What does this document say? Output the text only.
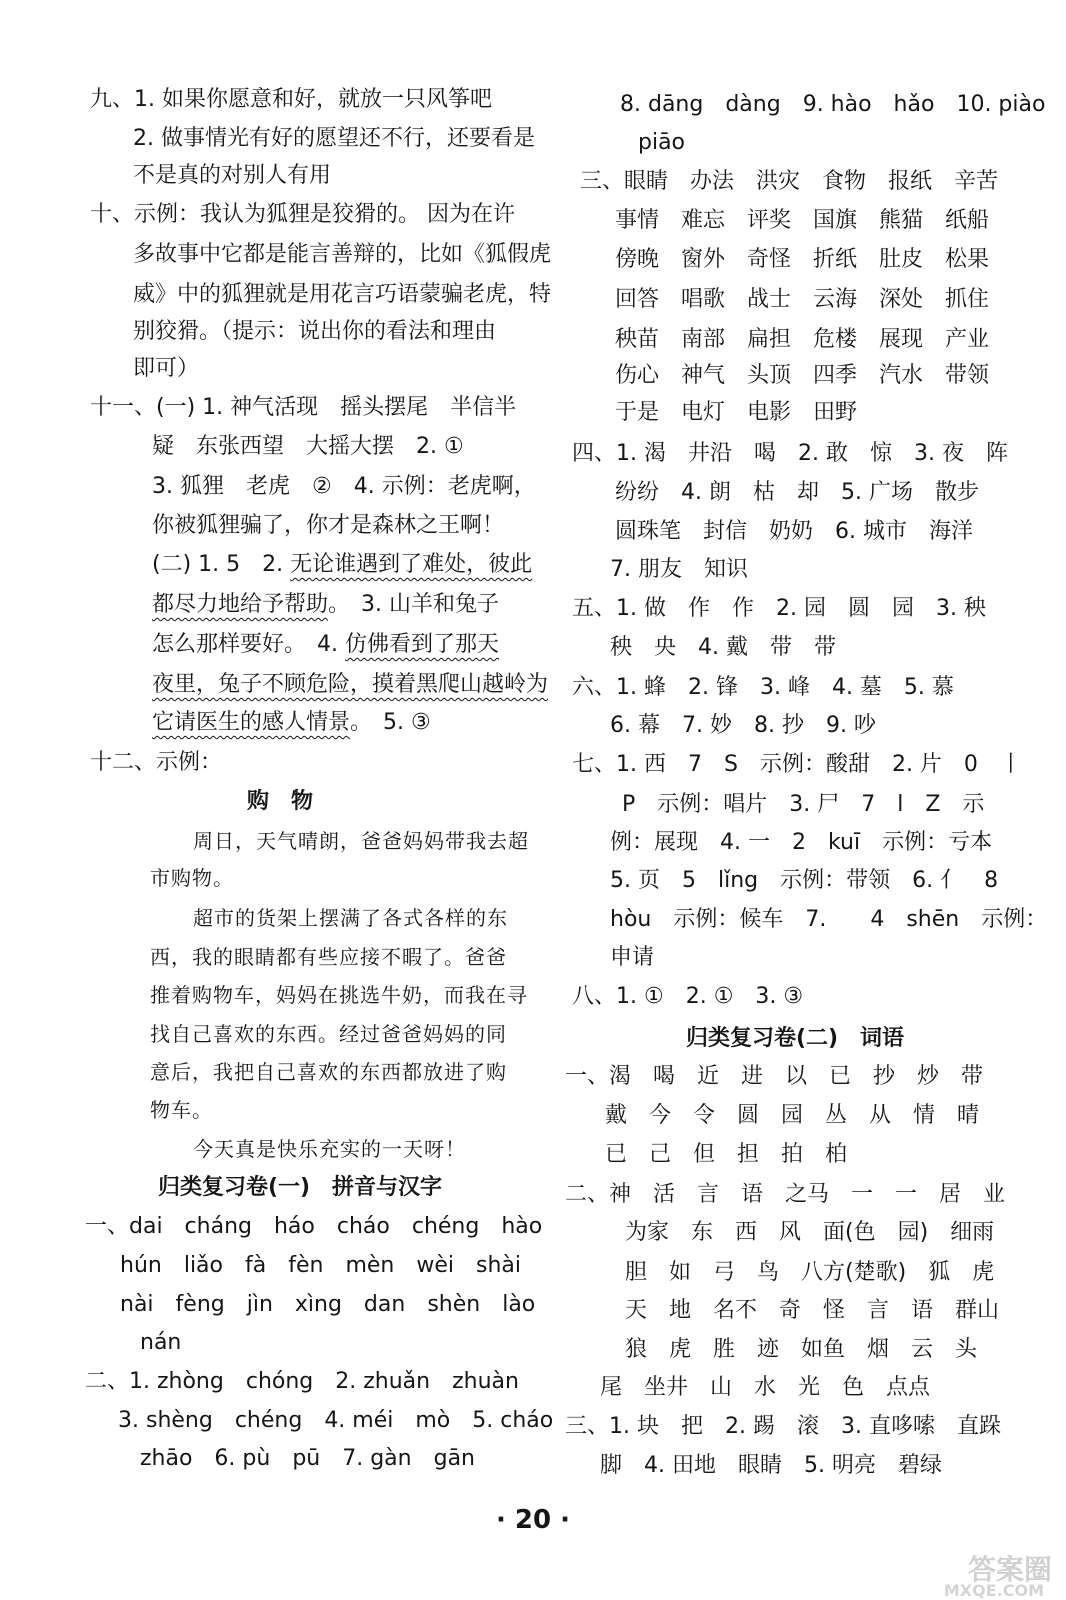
九、1. 如果你愿意和好，就放一只风筝吧
2. 做事情光有好的愿望还不行，还要看是
不是真的对别人有用
十、示例：我认为狐狸是狡猾的。 因为在许
多故事中它都是能言善辩的，比如《狐假虎
威》中的狐狸就是用花言巧语蒙骗老虎，特
别狡猾。（提示：说出你的看法和理由
即可）
十一、(一) 1. 神气活现　摇头摆尾　半信半
疑　东张西望　大摇大摆　2. ①
3. 狐狸　老虎　②　4. 示例：老虎啊，
你被狐狸骗了，你才是森林之王啊！
(二) 1. 5　2. 无论谁遇到了难处，彼此
都尽力地给予帮助。　3. 山羊和兔子
怎么那样要好。　4. 仿佛看到了那天
夜里，兔子不顾危险，摸着黑爬山越岭为
它请医生的感人情景。　5. ③
十二、示例：
购　物
周日，天气晴朗，爸爸妈妈带我去超
市购物。
超市的货架上摆满了各式各样的东
西，我的眼睛都有些应接不暇了。爸爸
推着购物车，妈妈在挑选牛奶，而我在寻
找自己喜欢的东西。经过爸爸妈妈的同
意后，我把自己喜欢的东西都放进了购
物车。
今天真是快乐充实的一天呀！
归类复习卷(一)　拼音与汉字
一、dai　cháng　háo　cháo　chéng　hào
hún　liǎo　fà　fèn　mèn　wèi　shài
nài　fèng　jìn　xìng　dan　shèn　lào
nán
二、1. zhòng　chóng　2. zhuǎn　zhuàn
3. shèng　chéng　4. méi　mò　5. cháo
zhāo　6. pù　pū　7. gàn　gān
8. dāng　dàng　9. hào　hǎo　10. piào
piāo
三、眼睛　办法　洪灾　食物　报纸　辛苦
事情　难忘　评奖　国旗　熊猫　纸船
傍晚　窗外　奇怪　折纸　肚皮　松果
回答　唱歌　战士　云海　深处　抓住
秧苗　南部　扁担　危楼　展现　产业
伤心　神气　头顶　四季　汽水　带领
于是　电灯　电影　田野
四、1. 渴　井沿　喝　2. 敢　惊　3. 夜　阵
纷纷　4. 朗　枯　却　5. 广场　散步
圆珠笔　封信　奶奶　6. 城市　海洋
7. 朋友　知识
五、1. 做　作　作　2. 园　圆　园　3. 秧
秧　央　4. 戴　带　带
六、1. 蜂　2. 锋　3. 峰　4. 墓　5. 慕
6. 幕　7. 妙　8. 抄　9. 吵
七、1. 西　7　S　示例：酸甜　2. 片　0　丨
P　示例：唱片　3. 尸　7　l　Z　示
例：展现　4. 一　2　kuī　示例：亏本
5. 页　5　lǐng　示例：带领　6. 亻　8
hòu　示例：候车　7.　　4　shēn　示例：
申请
八、1. ①　2. ①　3. ③
归类复习卷(二)　词语
一、渴　喝　近　进　以　已　抄　炒　带
戴　今　令　圆　园　丛　从　情　晴
已　己　但　担　拍　柏
二、神　活　言　语　之马　一　一　居　业
为家　东　西　风　面(色　园)　细雨
胆　如　弓　鸟　八方(楚歌)　狐　虎
天　地　名不　奇　怪　言　语　群山
狼　虎　胜　迹　如鱼　烟　云　头
尾　坐井　山　水　光　色　点点
三、1. 块　把　2. 踢　滚　3. 直哆嗦　直跺
脚　4. 田地　眼睛　5. 明亮　碧绿
· 20 ·
答案圈
MXQE.COM
